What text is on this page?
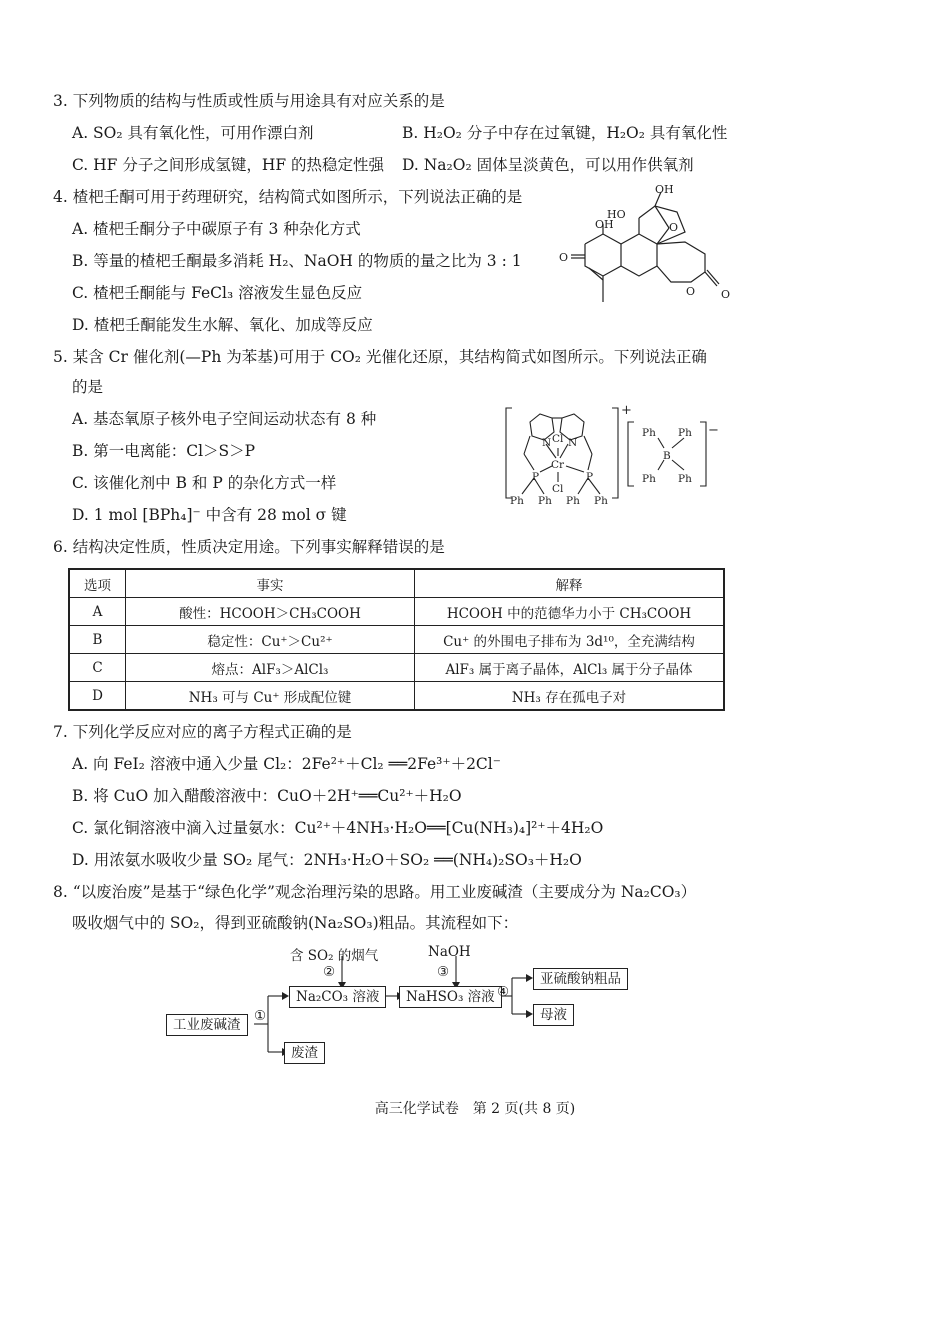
3. 下列物质的结构与性质或性质与用途具有对应关系的是
A. SO₂ 具有氧化性，可用作漂白剂	B. H₂O₂ 分子中存在过氧键，H₂O₂ 具有氧化性
C. HF 分子之间形成氢键，HF 的热稳定性强 D. Na₂O₂ 固体呈淡黄色，可以用作供氧剂
4. 楂杷壬酮可用于药理研究，结构简式如图所示，下列说法正确的是
A. 楂杷壬酮分子中碳原子有 3 种杂化方式
B. 等量的楂杷壬酮最多消耗 H₂、NaOH 的物质的量之比为 3 : 1
C. 楂杷壬酮能与 FeCl₃ 溶液发生显色反应
D. 楂杷壬酮能发生水解、氧化、加成等反应
OH
HO
OH
O
O
O O
5. 某含 Cr 催化剂(—Ph 为苯基)可用于 CO₂ 光催化还原，其结构简式如图所示。下列说法正确
的是
A. 基态氧原子核外电子空间运动状态有 8 种
B. 第一电离能：Cl＞S＞P
C. 该催化剂中 B 和 P 的杂化方式一样
D. 1 mol [BPh₄]⁻ 中含有 28 mol σ 键
N Cl N
Cr
P	P
Cl
Ph Ph Ph Ph
+
Ph Ph
B
Ph Ph
−
6. 结构决定性质，性质决定用途。下列事实解释错误的是
选项	事实	解释
A	酸性：HCOOH＞CH₃COOH	HCOOH 中的范德华力小于 CH₃COOH
B	稳定性：Cu⁺＞Cu²⁺	Cu⁺ 的外围电子排布为 3d¹⁰，全充满结构
C	熔点：AlF₃＞AlCl₃	AlF₃ 属于离子晶体，AlCl₃ 属于分子晶体
D	NH₃ 可与 Cu⁺ 形成配位键	NH₃ 存在孤电子对
7. 下列化学反应对应的离子方程式正确的是
A. 向 FeI₂ 溶液中通入少量 Cl₂：2Fe²⁺＋Cl₂ ══2Fe³⁺＋2Cl⁻
B. 将 CuO 加入醋酸溶液中：CuO＋2H⁺══Cu²⁺＋H₂O
C. 氯化铜溶液中滴入过量氨水：Cu²⁺＋4NH₃·H₂O══[Cu(NH₃)₄]²⁺＋4H₂O
D. 用浓氨水吸收少量 SO₂ 尾气：2NH₃·H₂O＋SO₂ ══(NH₄)₂SO₃＋H₂O
8. “以废治废”是基于“绿色化学”观念治理污染的思路。用工业废碱渣（主要成分为 Na₂CO₃）
吸收烟气中的 SO₂，得到亚硫酸钠(Na₂SO₃)粗品。其流程如下：
工业废碱渣
①
Na₂CO₃ 溶液
废渣
含 SO₂ 的烟气
②
NaOH
③
NaHSO₃ 溶液 ④
亚硫酸钠粗品
母液
高三化学试卷　第 2 页(共 8 页)
